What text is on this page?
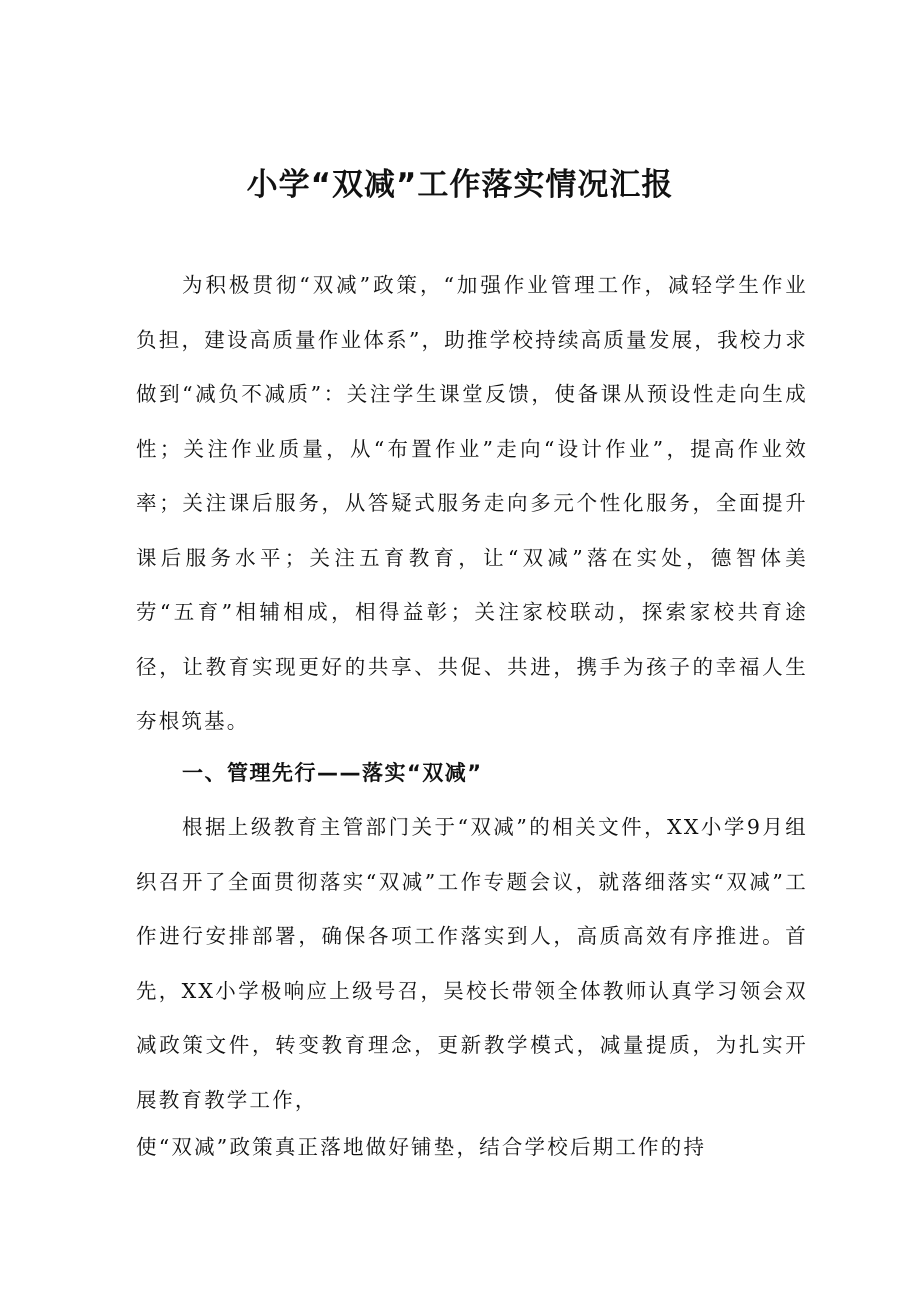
小学“双减”工作落实情况汇报

为积极贯彻“双减”政策，“加强作业管理工作，减轻学生作业负担，建设高质量作业体系”，助推学校持续高质量发展，我校力求做到“减负不减质”：关注学生课堂反馈，使备课从预设性走向生成性；关注作业质量，从“布置作业”走向“设计作业”，提高作业效率；关注课后服务，从答疑式服务走向多元个性化服务，全面提升课后服务水平；关注五育教育，让“双减”落在实处，德智体美劳“五育”相辅相成，相得益彰；关注家校联动，探索家校共育途径，让教育实现更好的共享、共促、共进，携手为孩子的幸福人生夯根筑基。

一、管理先行——落实“双减”

根据上级教育主管部门关于“双减”的相关文件，XX小学9月组织召开了全面贯彻落实“双减”工作专题会议，就落细落实“双减”工作进行安排部署，确保各项工作落实到人，高质高效有序推进。首先，XX小学极响应上级号召，吴校长带领全体教师认真学习领会双减政策文件，转变教育理念，更新教学模式，减量提质，为扎实开展教育教学工作，

使“双减”政策真正落地做好铺垫，结合学校后期工作的持
